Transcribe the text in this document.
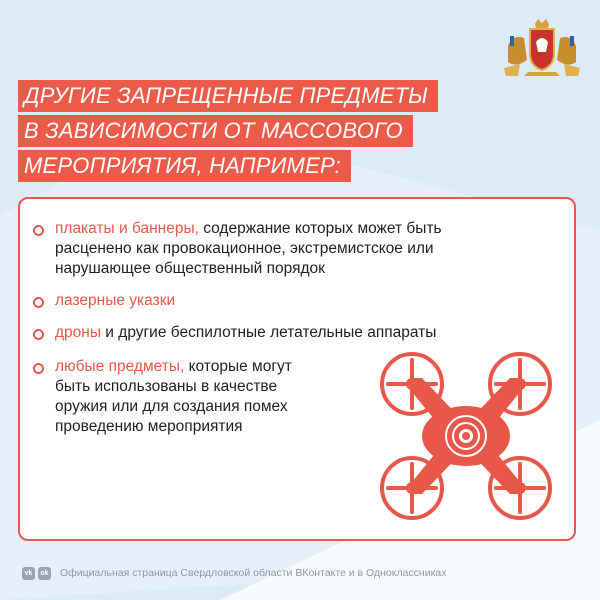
ДРУГИЕ ЗАПРЕЩЕННЫЕ ПРЕДМЕТЫ
В ЗАВИСИМОСТИ ОТ МАССОВОГО
МЕРОПРИЯТИЯ, НАПРИМЕР:
плакаты и баннеры, содержание которых может быть
расценено как провокационное, экстремистское или
нарушающее общественный порядок
лазерные указки
дроны и другие беспилотные летательные аппараты
любые предметы, которые могут
быть использованы в качестве
оружия или для создания помех
проведению мероприятия
vk	ok Официальная страница Свердловской области ВКонтакте и в Одноклассниках
